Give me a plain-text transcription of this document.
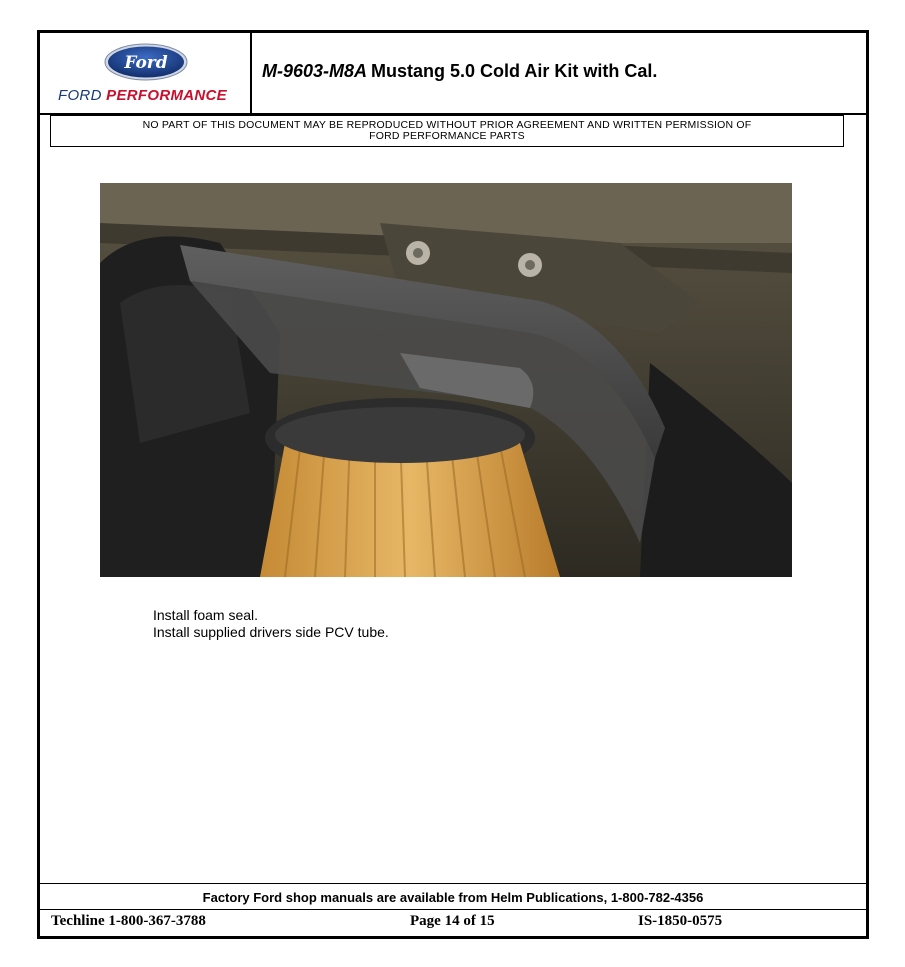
Ford
FORD PERFORMANCE
M-9603-M8A Mustang 5.0 Cold Air Kit with Cal.
NO PART OF THIS DOCUMENT MAY BE REPRODUCED WITHOUT PRIOR AGREEMENT AND WRITTEN PERMISSION OF
FORD PERFORMANCE PARTS
Install foam seal.
Install supplied drivers side PCV tube.
Factory Ford shop manuals are available from Helm Publications, 1-800-782-4356
Techline 1-800-367-3788	Page 14 of 15	IS-1850-0575
